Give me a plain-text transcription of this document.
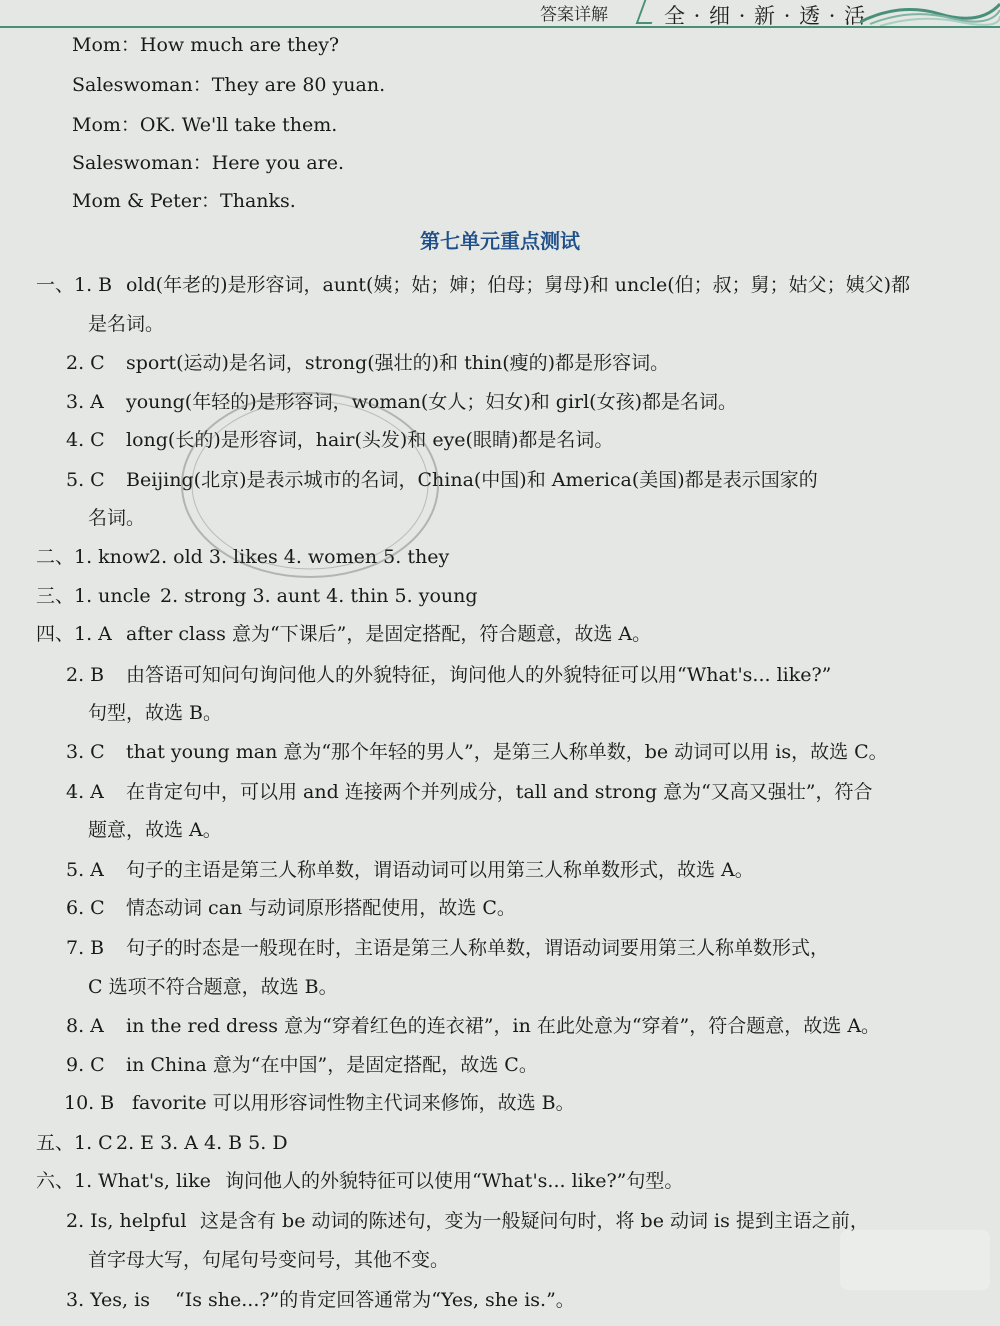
答案详解	全 · 细 · 新 · 透 · 活
Mom：How much are they?
Saleswoman：They are 80 yuan.
Mom：OK. We'll take them.
Saleswoman：Here you are.
Mom & Peter：Thanks.
第七单元重点测试
一、1. B old(年老的)是形容词，aunt(姨；姑；婶；伯母；舅母)和 uncle(伯；叔；舅；姑父；姨父)都
是名词。
2. C sport(运动)是名词，strong(强壮的)和 thin(瘦的)都是形容词。
3. A young(年轻的)是形容词，woman(女人；妇女)和 girl(女孩)都是名词。
4. C long(长的)是形容词，hair(头发)和 eye(眼睛)都是名词。
5. C Beijing(北京)是表示城市的名词，China(中国)和 America(美国)都是表示国家的
名词。
二、1. know 2. old 3. likes 4. women 5. they
三、1. uncle 2. strong 3. aunt 4. thin 5. young
四、1. A after class 意为“下课后”，是固定搭配，符合题意，故选 A。
2. B 由答语可知问句询问他人的外貌特征，询问他人的外貌特征可以用“What's... like?”
句型，故选 B。
3. C that young man 意为“那个年轻的男人”，是第三人称单数，be 动词可以用 is，故选 C。
4. A 在肯定句中，可以用 and 连接两个并列成分，tall and strong 意为“又高又强壮”，符合
题意，故选 A。
5. A 句子的主语是第三人称单数，谓语动词可以用第三人称单数形式，故选 A。
6. C 情态动词 can 与动词原形搭配使用，故选 C。
7. B 句子的时态是一般现在时，主语是第三人称单数，谓语动词要用第三人称单数形式，
C 选项不符合题意，故选 B。
8. A in the red dress 意为“穿着红色的连衣裙”，in 在此处意为“穿着”，符合题意，故选 A。
9. C in China 意为“在中国”，是固定搭配，故选 C。
10. B favorite 可以用形容词性物主代词来修饰，故选 B。
五、1. C 2. E 3. A 4. B 5. D
六、1. What's, like 询问他人的外貌特征可以使用“What's... like?”句型。
2. Is, helpful 这是含有 be 动词的陈述句，变为一般疑问句时，将 be 动词 is 提到主语之前，
首字母大写，句尾句号变问号，其他不变。
3. Yes, is “Is she...?”的肯定回答通常为“Yes, she is.”。
